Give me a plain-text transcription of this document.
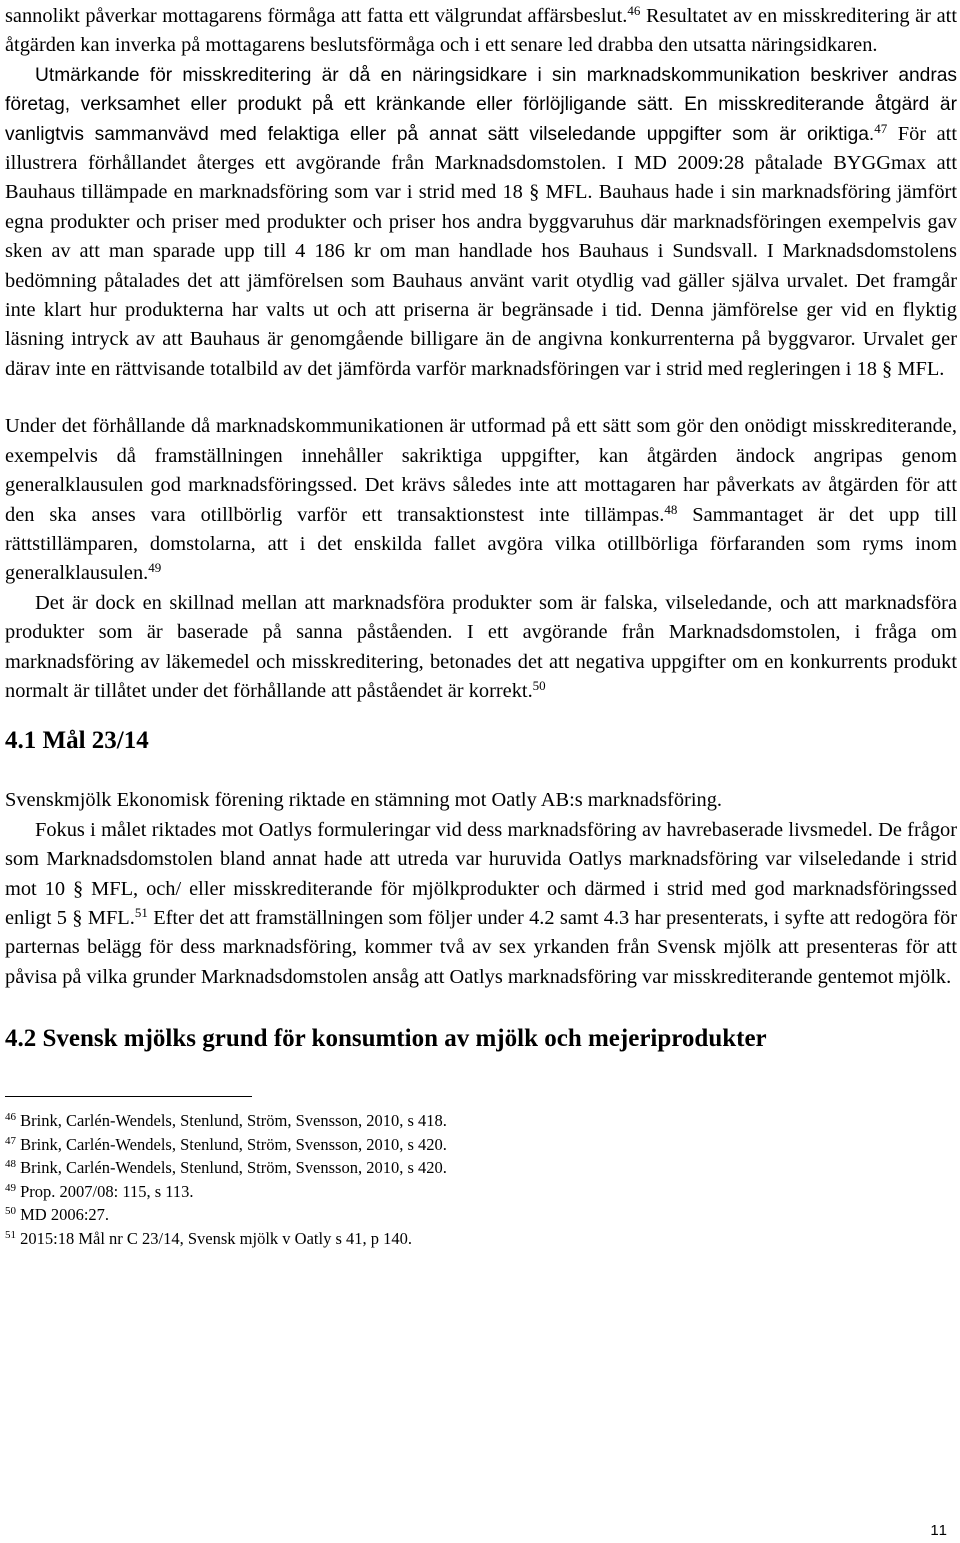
sannolikt påverkar mottagarens förmåga att fatta ett välgrundat affärsbeslut.$^{46}$ Resultatet av en misskreditering är att åtgärden kan inverka på mottagarens beslutsförmåga och i ett senare led drabba den utsatta näringsidkaren.

Utmärkande för misskreditering är då en näringsidkare i sin marknadskommunikation beskriver andras företag, verksamhet eller produkt på ett kränkande eller förlöjligande sätt. En misskrediterande åtgärd är vanligtvis sammanvävd med felaktiga eller på annat sätt vilseledande uppgifter som är oriktiga.$^{47}$ För att illustrera förhållandet återges ett avgörande från Marknadsdomstolen. I MD 2009:28 påtalade BYGGmax att Bauhaus tillämpade en marknadsföring som var i strid med 18 § MFL. Bauhaus hade i sin marknadsföring jämfört egna produkter och priser med produkter och priser hos andra byggvaruhus där marknadsföringen exempelvis gav sken av att man sparade upp till 4 186 kr om man handlade hos Bauhaus i Sundsvall. I Marknadsdomstolens bedömning påtalades det att jämförelsen som Bauhaus använt varit otydlig vad gäller själva urvalet. Det framgår inte klart hur produkterna har valts ut och att priserna är begränsade i tid. Denna jämförelse ger vid en flyktig läsning intryck av att Bauhaus är genomgående billigare än de angivna konkurrenterna på byggvaror. Urvalet ger därav inte en rättvisande totalbild av det jämförda varför marknadsföringen var i strid med regleringen i 18 § MFL.

Under det förhållande då marknadskommunikationen är utformad på ett sätt som gör den onödigt misskrediterande, exempelvis då framställningen innehåller sakriktiga uppgifter, kan åtgärden ändock angripas genom generalklausulen god marknadsföringssed. Det krävs således inte att mottagaren har påverkats av åtgärden för att den ska anses vara otillbörlig varför ett transaktionstest inte tillämpas.$^{48}$ Sammantaget är det upp till rättstillämparen, domstolarna, att i det enskilda fallet avgöra vilka otillbörliga förfaranden som ryms inom generalklausulen.$^{49}$

Det är dock en skillnad mellan att marknadsföra produkter som är falska, vilseledande, och att marknadsföra produkter som är baserade på sanna påståenden. I ett avgörande från Marknadsdomstolen, i fråga om marknadsföring av läkemedel och misskreditering, betonades det att negativa uppgifter om en konkurrents produkt normalt är tillåtet under det förhållande att påståendet är korrekt.$^{50}$

4.1 Mål 23/14

Svenskmjölk Ekonomisk förening riktade en stämning mot Oatly AB:s marknadsföring.

Fokus i målet riktades mot Oatlys formuleringar vid dess marknadsföring av havrebaserade livsmedel. De frågor som Marknadsdomstolen bland annat hade att utreda var huruvida Oatlys marknadsföring var vilseledande i strid mot 10 § MFL, och/ eller misskrediterande för mjölkprodukter och därmed i strid med god marknadsföringssed enligt 5 § MFL.$^{51}$ Efter det att framställningen som följer under 4.2 samt 4.3 har presenterats, i syfte att redogöra för parternas belägg för dess marknadsföring, kommer två av sex yrkanden från Svensk mjölk att presenteras för att påvisa på vilka grunder Marknadsdomstolen ansåg att Oatlys marknadsföring var misskrediterande gentemot mjölk.

4.2 Svensk mjölks grund för konsumtion av mjölk och mejeriprodukter

$^{46}$ Brink, Carlén-Wendels, Stenlund, Ström, Svensson, 2010, s 418.

$^{47}$ Brink, Carlén-Wendels, Stenlund, Ström, Svensson, 2010, s 420.

$^{48}$ Brink, Carlén-Wendels, Stenlund, Ström, Svensson, 2010, s 420.

$^{49}$ Prop. 2007/08: 115, s 113.

$^{50}$ MD 2006:27.

$^{51}$ 2015:18 Mål nr C 23/14, Svensk mjölk v Oatly s 41, p 140.

11
